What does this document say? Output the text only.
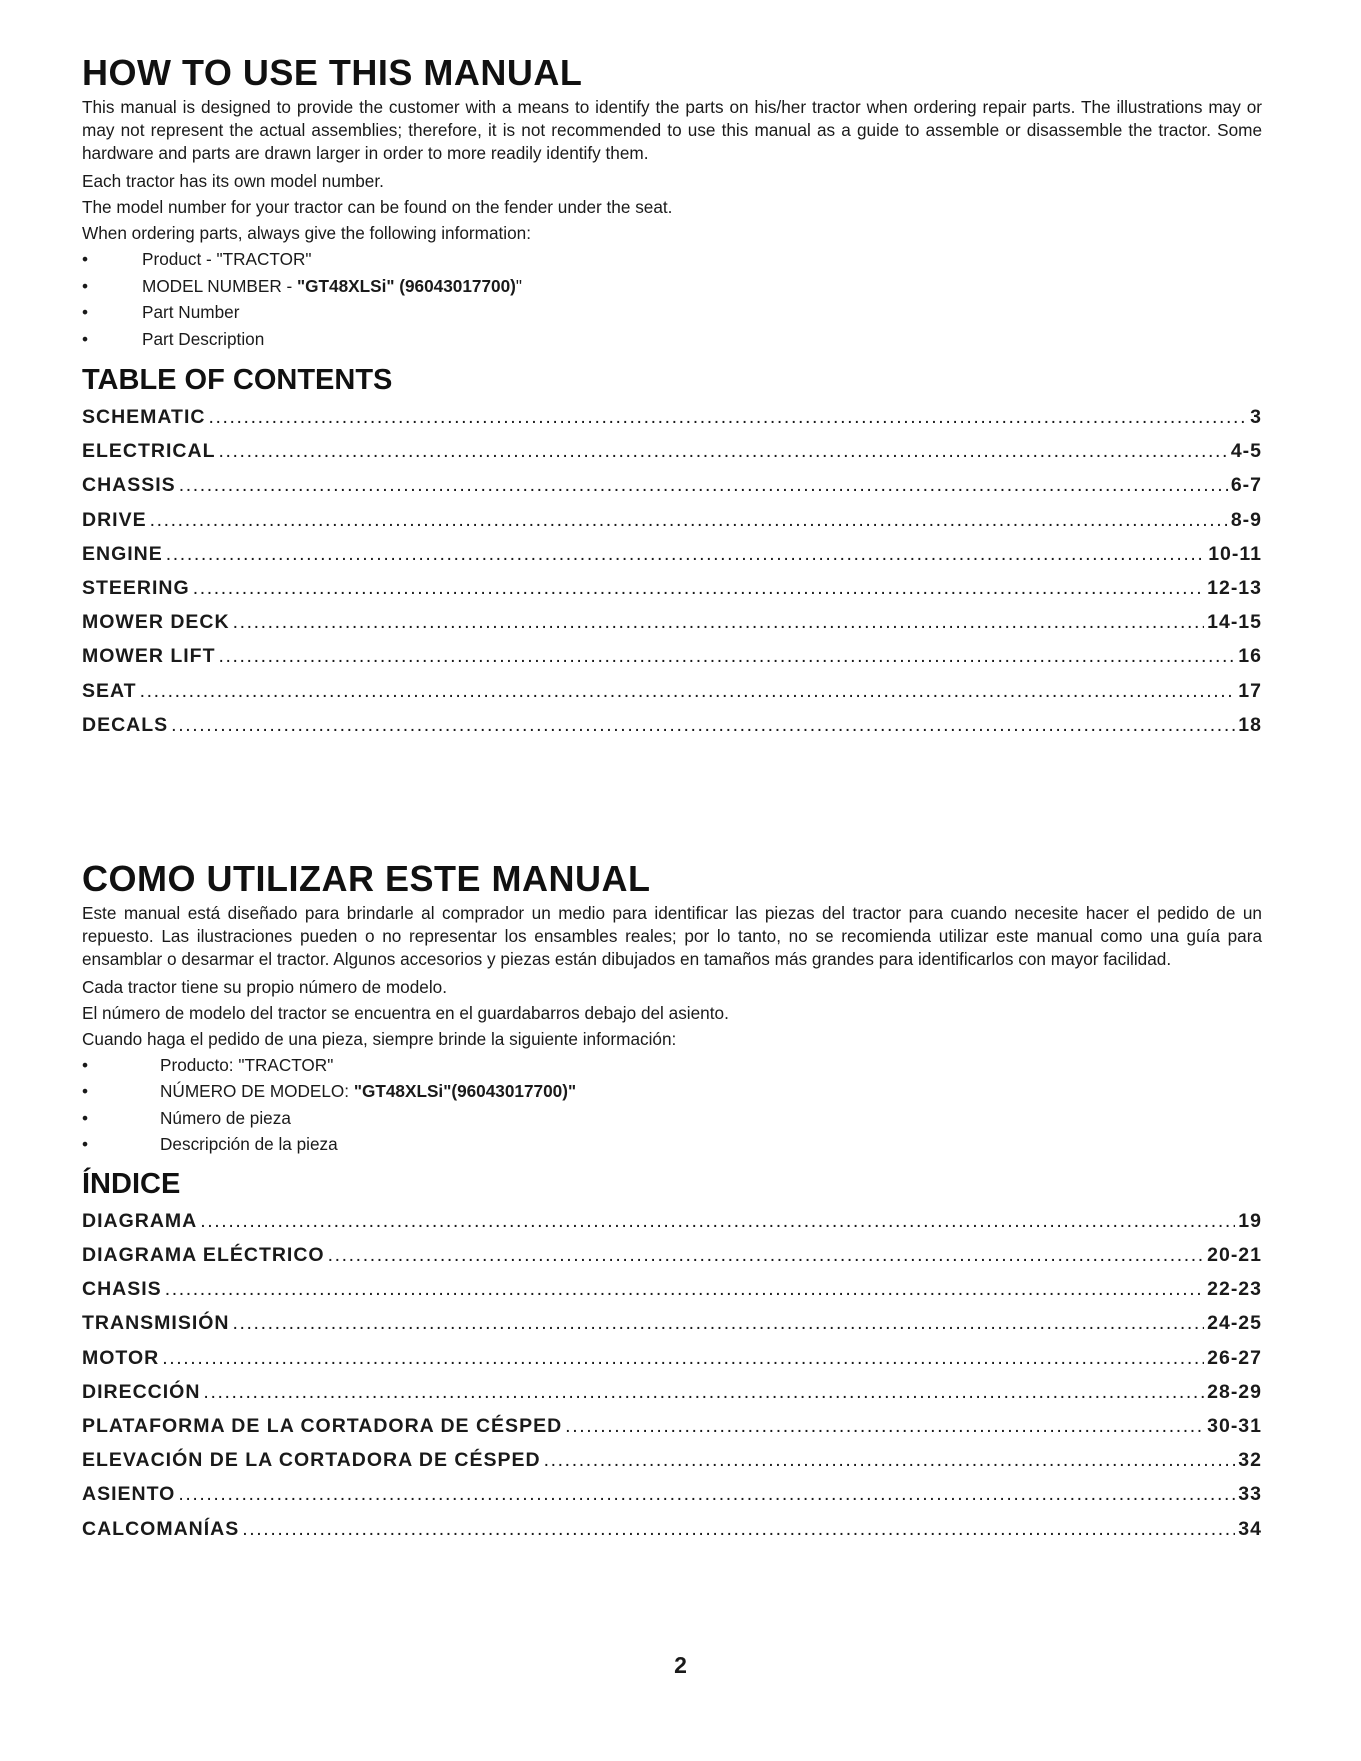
HOW TO USE THIS MANUAL

This manual is designed to provide the customer with a means to identify the parts on his/her tractor when ordering repair parts. The illustrations may or may not represent the actual assemblies; therefore, it is not recommended to use this manual as a guide to assemble or disassemble the tractor. Some hardware and parts are drawn larger in order to more readily identify them.

Each tractor has its own model number.

The model number for your tractor can be found on the fender under the seat.

When ordering parts, always give the following information:

•	Product - "TRACTOR"
•	MODEL NUMBER - "GT48XLSi" (96043017700)"
•	Part Number
•	Part Description
TABLE OF CONTENTS
SCHEMATIC .....	3
ELECTRICAL .....	4-5
CHASSIS .....	6-7
DRIVE .....	8-9
ENGINE .....	10-11
STEERING .....	12-13
MOWER DECK .....	14-15
MOWER LIFT .....	16
SEAT .....	17
DECALS .....	18
COMO UTILIZAR ESTE MANUAL

Este manual está diseñado para brindarle al comprador un medio para identificar las piezas del tractor para cuando necesite hacer el pedido de un repuesto. Las ilustraciones pueden o no representar los ensambles reales; por lo tanto, no se recomienda utilizar este manual como una guía para ensamblar o desarmar el tractor. Algunos accesorios y piezas están dibujados en tamaños más grandes para identificarlos con mayor facilidad.

Cada tractor tiene su propio número de modelo.

El número de modelo del tractor se encuentra en el guardabarros debajo del asiento.

Cuando haga el pedido de una pieza, siempre brinde la siguiente información:

•	Producto: "TRACTOR"
•	NÚMERO DE MODELO: "GT48XLSi"(96043017700)"
•	Número de pieza
•	Descripción de la pieza
ÍNDICE
DIAGRAMA .....	19
DIAGRAMA ELÉCTRICO .....	20-21
CHASIS .....	22-23
TRANSMISIÓN .....	24-25
MOTOR .....	26-27
DIRECCIÓN .....	28-29
PLATAFORMA DE LA CORTADORA DE CÉSPED .....	30-31
ELEVACIÓN DE LA CORTADORA DE CÉSPED .....	32
ASIENTO .....	33
CALCOMANÍAS .....	34
2
